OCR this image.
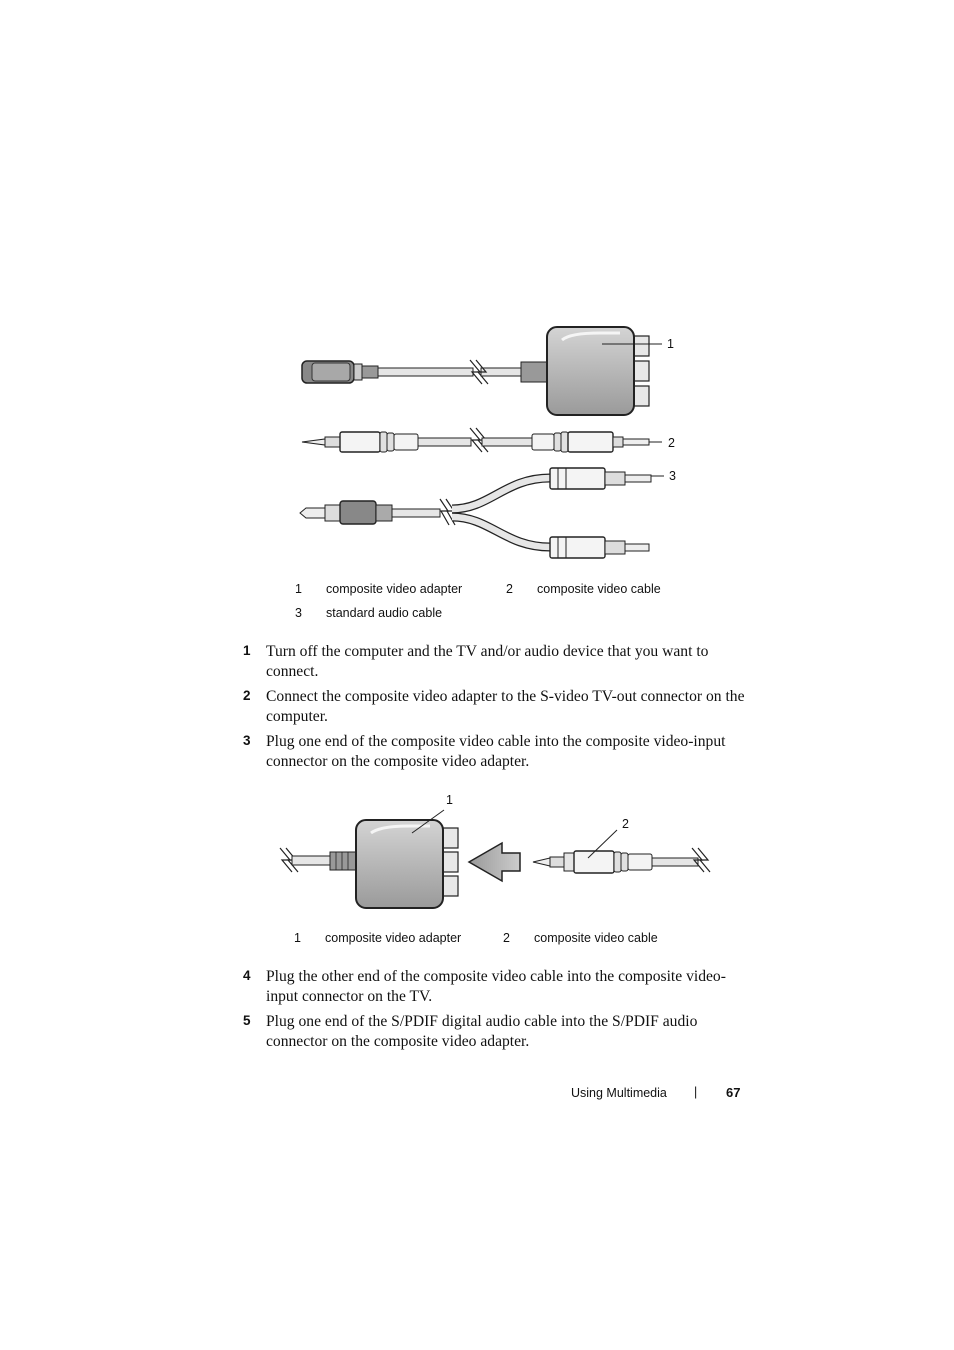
1
2
3
1 composite video adapter	2 composite video cable
3 standard audio cable
1 Turn off the computer and the TV and/or audio device that you want to connect.
2 Connect the composite video adapter to the S-video TV-out connector on the computer.
3 Plug one end of the composite video cable into the composite video-input connector on the composite video adapter.
1
2
1 composite video adapter	2 composite video cable
4 Plug the other end of the composite video cable into the composite video-input connector on the TV.
5 Plug one end of the S/PDIF digital audio cable into the S/PDIF audio connector on the composite video adapter.
Using Multimedia | 67
